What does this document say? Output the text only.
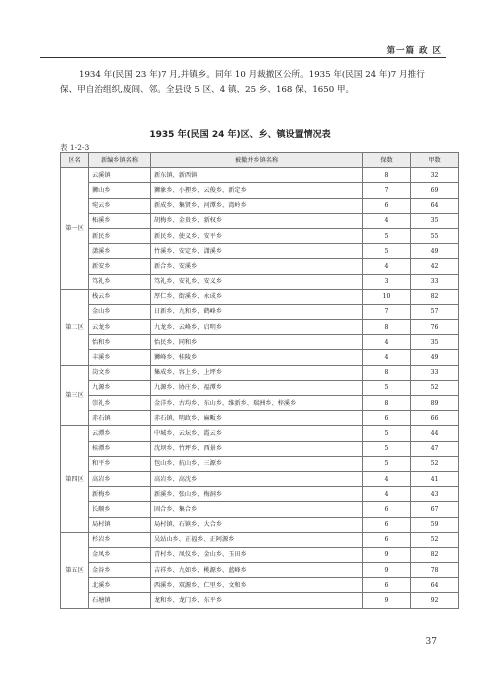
第一篇 政 区
1934 年(民国 23 年)7 月,并镇乡。同年 10 月裁撤区公所。1935 年(民国 24 年)7 月推行
保、甲自治组织,废闾、邻。全县设 5 区、4 镇、25 乡、168 保、1650 甲。
1935 年(民国 24 年)区、乡、镇设置情况表
表 1-2-3
区名	新编乡镇名称	被撤并乡镇名称	保数	甲数
第一区	云溪镇	新东镇、新西镇	8	32
	狮山乡	狮象乡、小狸乡、云俊乡、新定乡	7	69
	宛云乡	新成乡、集贤乡、河潭乡、湾岭乡	6	64
	柘溪乡	胡梅乡、金贵乡、新权乡	4	35
	新民乡	新民乡、使义乡、安平乡	5	55
	潇溪乡	竹溪乡、安定乡、潇溪乡	5	49
	新安乡	新合乡、安溪乡	4	42
	笃礼乡	笃礼乡、安礼乡、安义乡	3	33
第二区	栈云乡	厚仁乡、街溪乡、永成乡	10	82
	金山乡	日新乡、九和乡、鹤峰乡	7	57
	云龙乡	九龙乡、云峰乡、启明乡	8	76
	怡和乡	怡民乡、同和乡	4	35
	丰溪乡	狮峰乡、桂陵乡	4	49
第三区	岗文乡	集成乡、容上乡、上坪乡	8	33
	九源乡	九源乡、协庄乡、福潭乡	5	52
	崇礼乡	金洋乡、古均乡、东山乡、维新乡、瑞洲乡、梓溪乡	8	89
	赤石镇	赤石镇、明政乡、麻畈乡	6	66
第四区	云潭乡	中城乡、云坛乡、霞云乡	5	44
	桂潭乡	沈坝乡、竹坪乡、西景乡	5	47
	和平乡	包山乡、抗山乡、三源乡	5	52
	高岩乡	高岩乡、高沈乡	4	41
	新梅乡	新溪乡、张山乡、梅洞乡	4	43
	长顺乡	固合乡、集合乡	6	67
	局村镇	局村镇、石镇乡、大合乡	6	59
第五区	杉岩乡	吴站山乡、正福乡、正阿源乡	6	52
	金凤乡	青村乡、凤仪乡、金山乡、玉田乡	9	82
	金谷乡	吉祥乡、九如乡、桃源乡、蓝峰乡	9	78
	北溪乡	西溪乡、双源乡、仁里乡、文和乡	6	64
	石塘镇	龙和乡、龙门乡、东平乡	9	92
37
